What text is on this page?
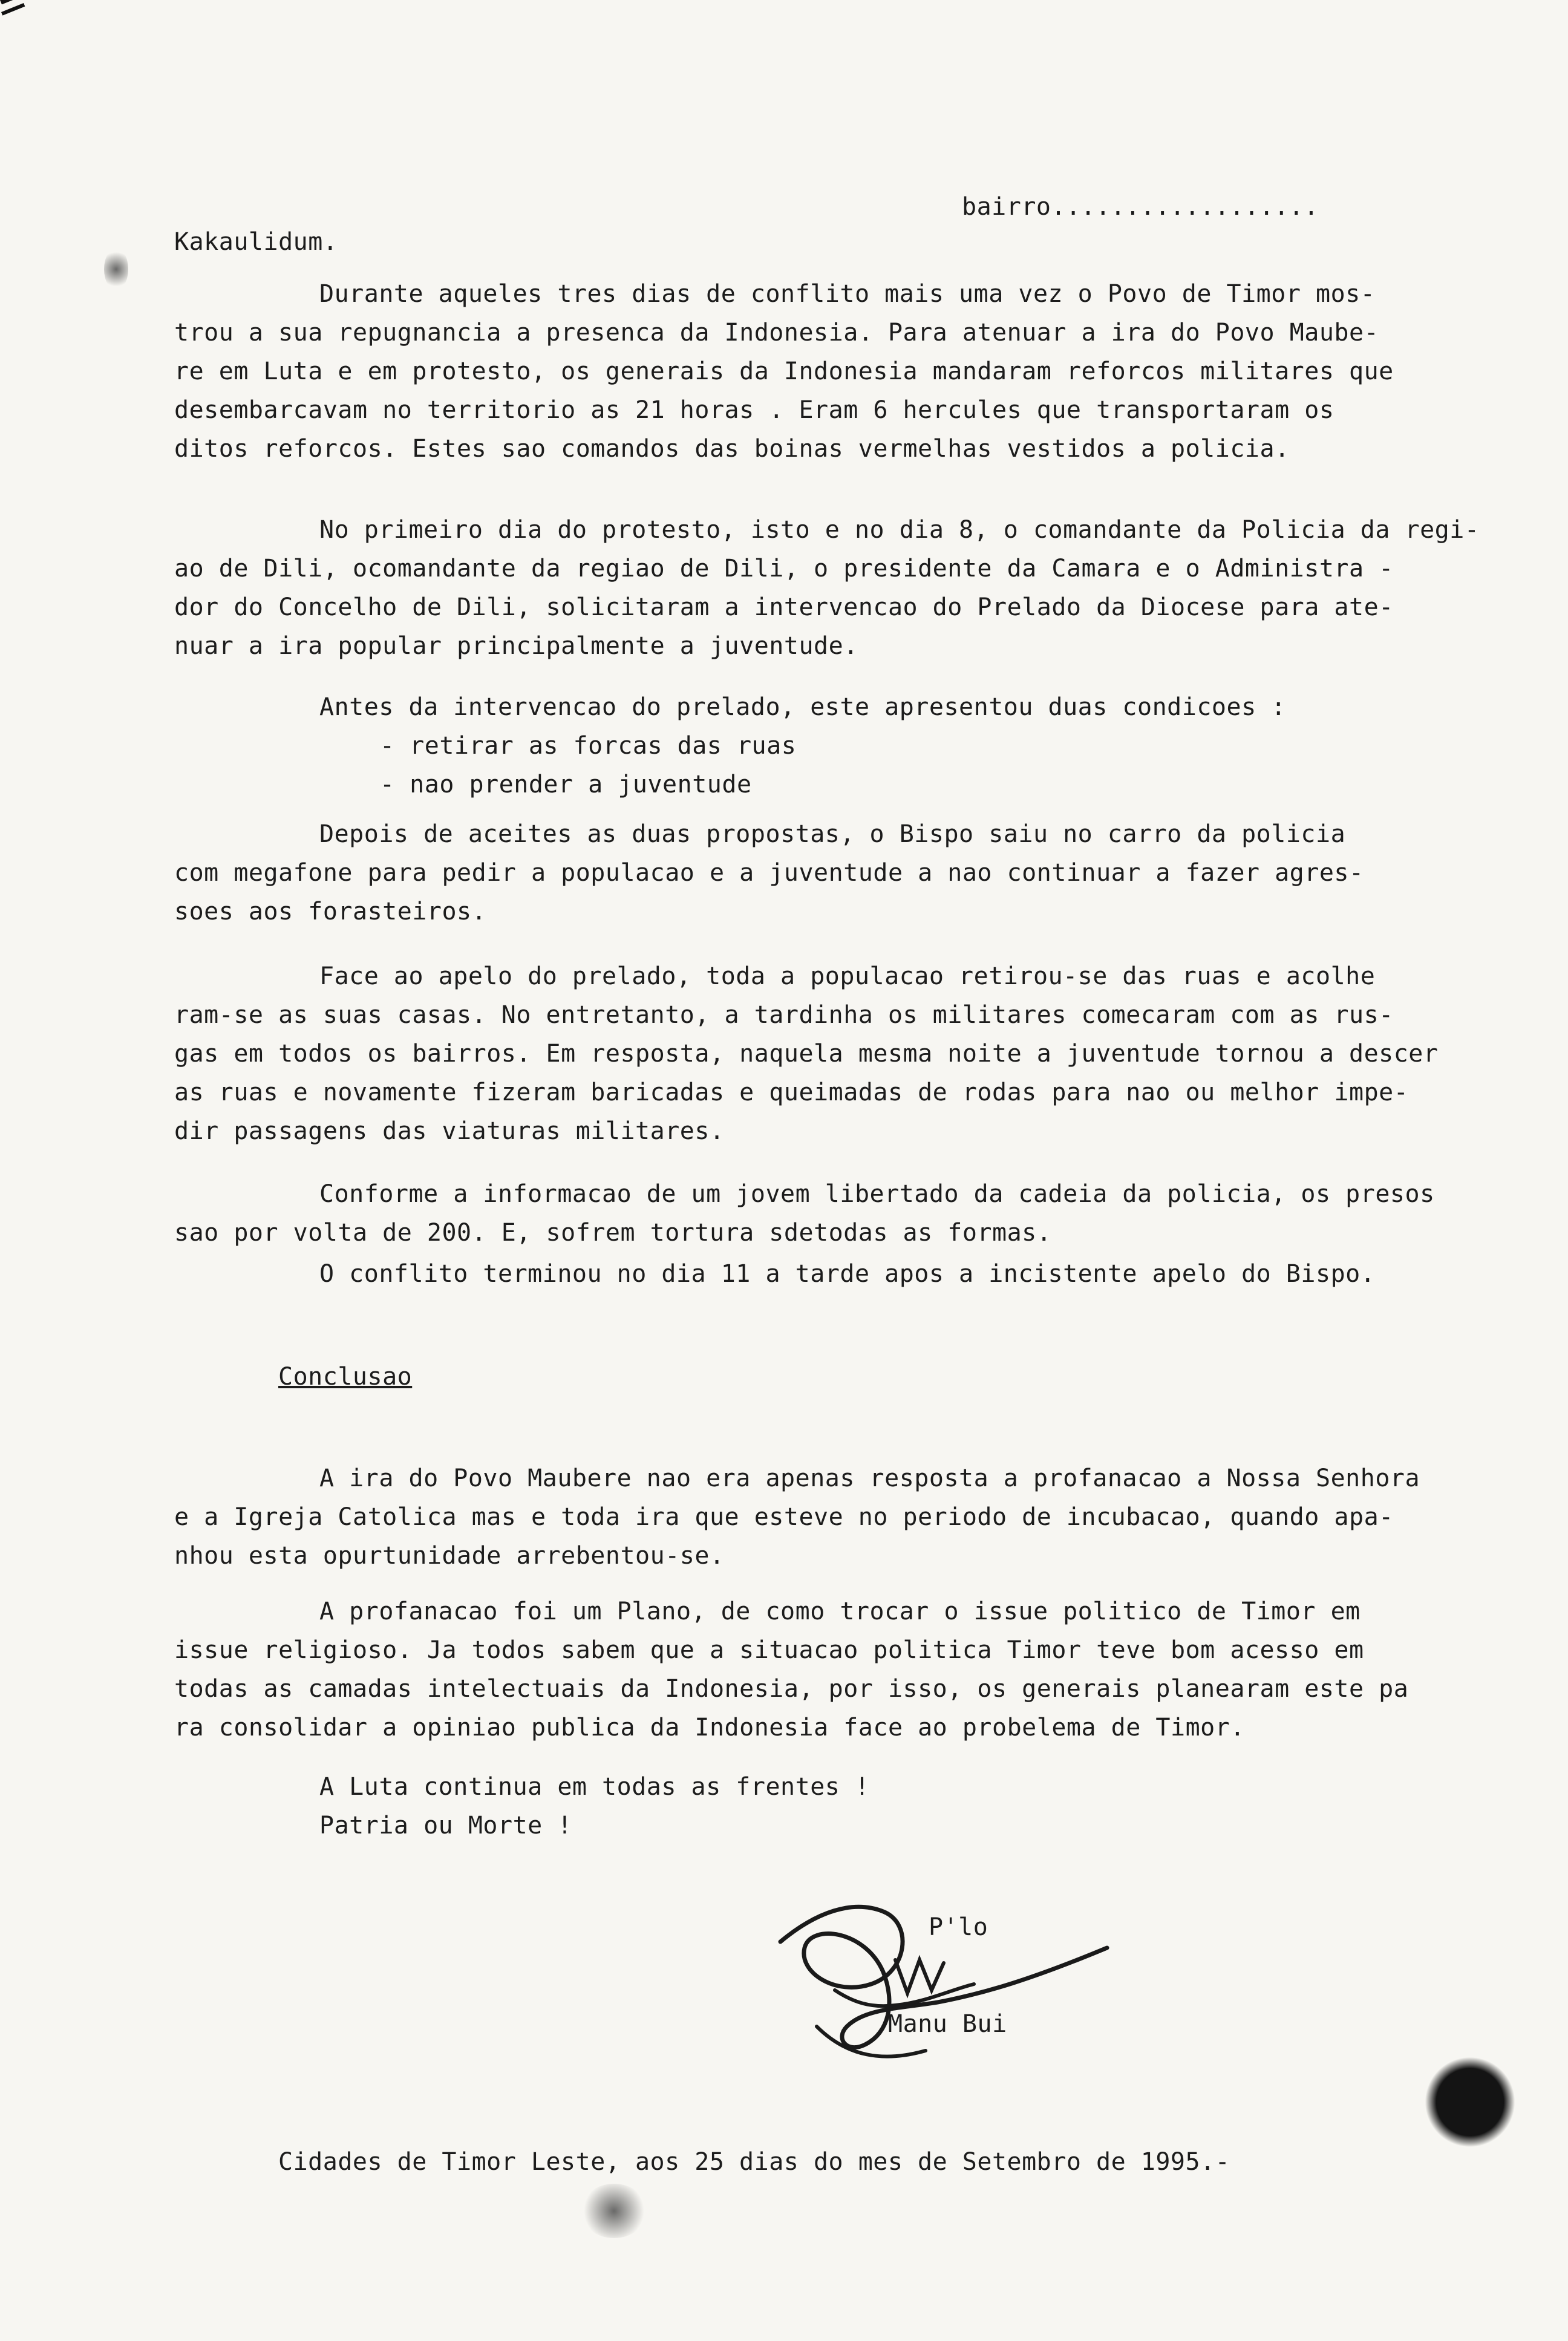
bairro..................
Kakaulidum.
Durante aqueles tres dias de conflito mais uma vez o Povo de Timor mos-
trou a sua repugnancia a presenca da Indonesia. Para atenuar a ira do Povo Maube-
re em Luta e em protesto, os generais da Indonesia mandaram reforcos militares que
desembarcavam no territorio as 21 horas . Eram 6 hercules que transportaram os
ditos reforcos. Estes sao comandos das boinas vermelhas vestidos a policia.
No primeiro dia do protesto, isto e no dia 8, o comandante da Policia da regi-
ao de Dili, ocomandante da regiao de Dili, o presidente da Camara e o Administra -
dor do Concelho de Dili, solicitaram a intervencao do Prelado da Diocese para ate-
nuar a ira popular principalmente a juventude.
Antes da intervencao do prelado, este apresentou duas condicoes :
- retirar as forcas das ruas
- nao prender a juventude
Depois de aceites as duas propostas, o Bispo saiu no carro da policia
com megafone para pedir a populacao e a juventude a nao continuar a fazer agres-
soes aos forasteiros.
Face ao apelo do prelado, toda a populacao retirou-se das ruas e acolhe
ram-se as suas casas. No entretanto, a tardinha os militares comecaram com as rus-
gas em todos os bairros. Em resposta, naquela mesma noite a juventude tornou a descer
as ruas e novamente fizeram baricadas e queimadas de rodas para nao ou melhor impe-
dir passagens das viaturas militares.
Conforme a informacao de um jovem libertado da cadeia da policia, os presos
sao por volta de 200. E, sofrem tortura sdetodas as formas.
O conflito terminou no dia 11 a tarde apos a incistente apelo do Bispo.
Conclusao
A ira do Povo Maubere nao era apenas resposta a profanacao a Nossa Senhora
e a Igreja Catolica mas e toda ira que esteve no periodo de incubacao, quando apa-
nhou esta opurtunidade arrebentou-se.
A profanacao foi um Plano, de como trocar o issue politico de Timor em
issue religioso. Ja todos sabem que a situacao politica Timor teve bom acesso em
todas as camadas intelectuais da Indonesia, por isso, os generais planearam este pa
ra consolidar a opiniao publica da Indonesia face ao probelema de Timor.
A Luta continua em todas as frentes !
Patria ou Morte !
P'lo
Manu Bui
Cidades de Timor Leste, aos 25 dias do mes de Setembro de 1995.-
